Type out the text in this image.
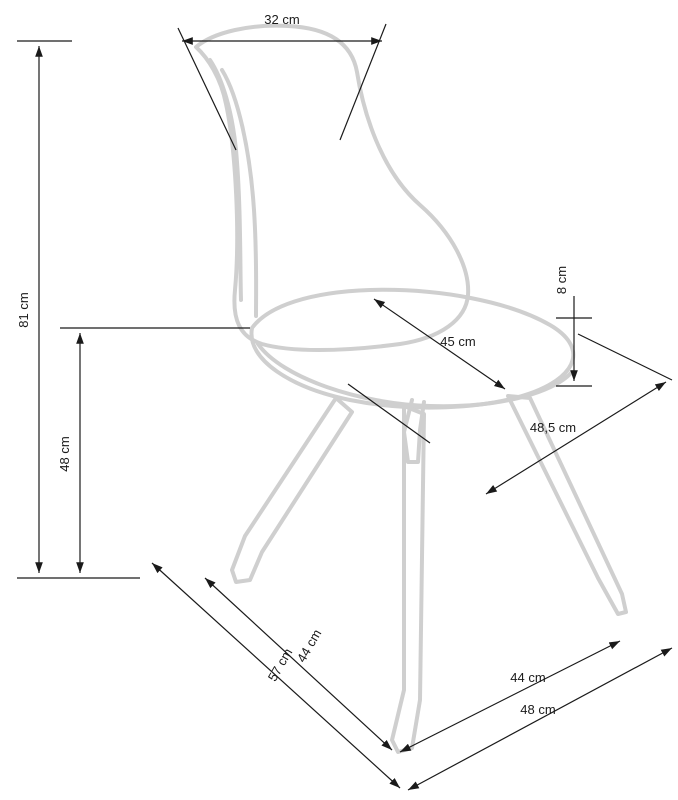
32 cm
81 cm
48 cm
45 cm
8 cm
48,5 cm
44 cm
57 cm	44 cm
48 cm
